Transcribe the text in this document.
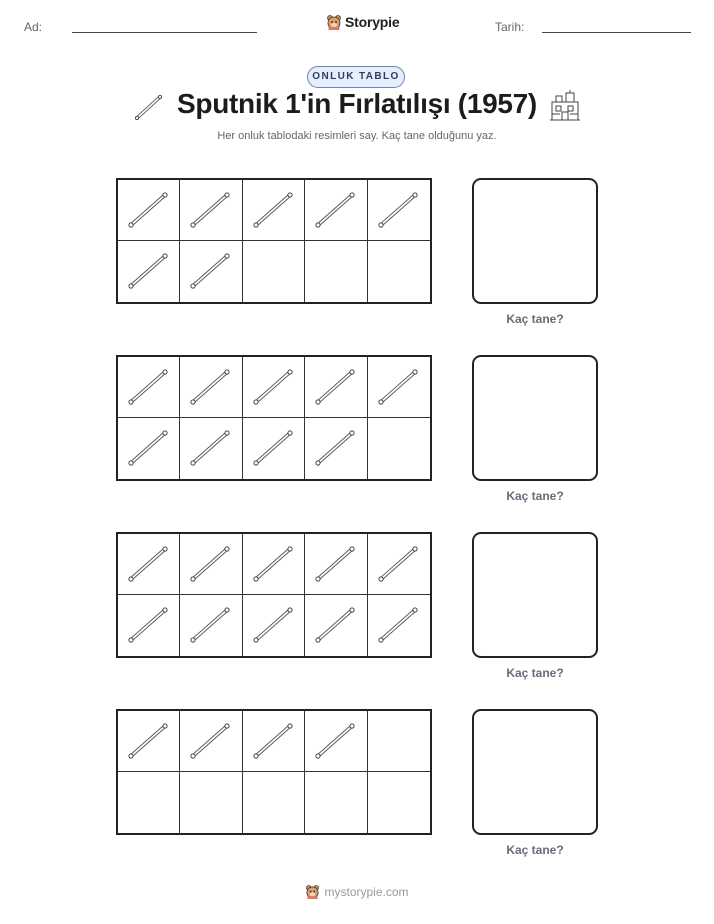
Ad:	Storypie	Tarih:
ONLUK TABLO
Sputnik 1'in Fırlatılışı (1957)
Her onluk tablodaki resimleri say. Kaç tane olduğunu yaz.
Kaç tane?
Kaç tane?
Kaç tane?
Kaç tane?
mystorypie.com
